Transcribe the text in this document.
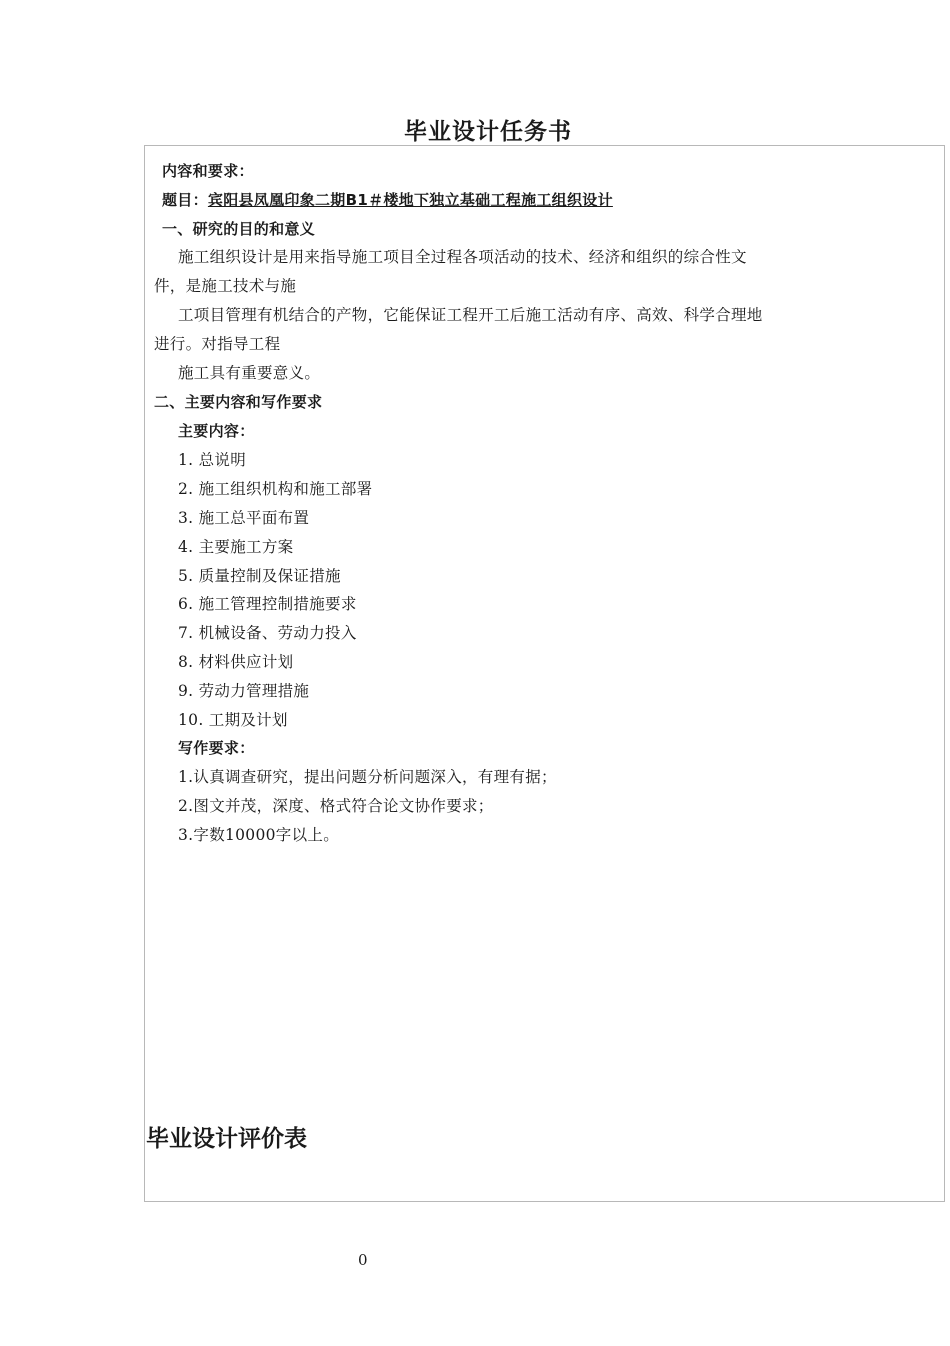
毕业设计任务书
内容和要求：
题目：宾阳县凤凰印象二期B1＃楼地下独立基础工程施工组织设计
一、研究的目的和意义
施工组织设计是用来指导施工项目全过程各项活动的技术、经济和组织的综合性文
件，是施工技术与施
工项目管理有机结合的产物，它能保证工程开工后施工活动有序、高效、科学合理地
进行。对指导工程
施工具有重要意义。
二、主要内容和写作要求
主要内容：
1. 总说明
2. 施工组织机构和施工部署
3. 施工总平面布置
4. 主要施工方案
5. 质量控制及保证措施
6. 施工管理控制措施要求
7. 机械设备、劳动力投入
8. 材料供应计划
9. 劳动力管理措施
10. 工期及计划
写作要求：
1.认真调查研究，提出问题分析问题深入，有理有据；
2.图文并茂，深度、格式符合论文协作要求；
3.字数10000字以上。
毕业设计评价表
0
